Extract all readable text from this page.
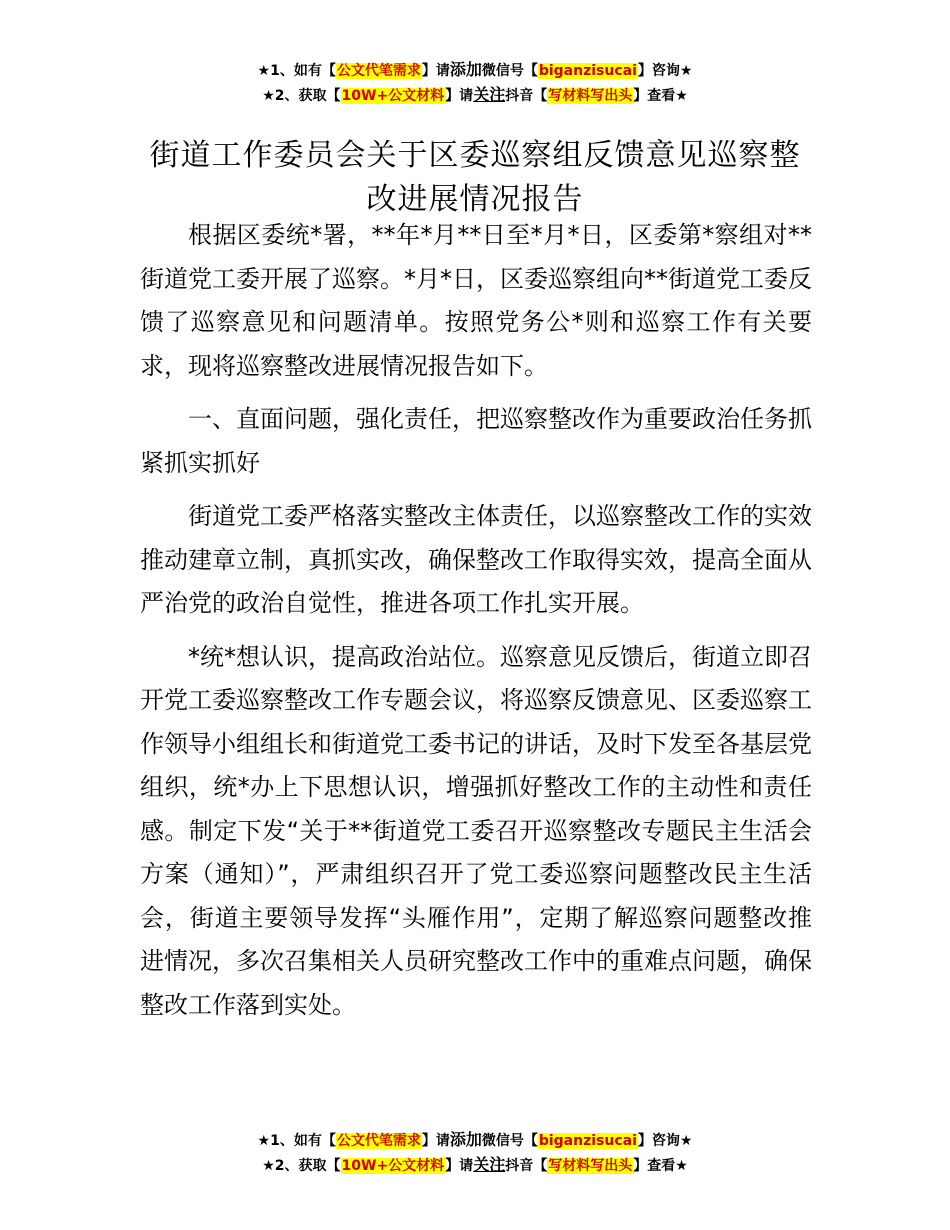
★1、如有【公文代笔需求】请添加微信号【biganzisucai】咨询★
★2、获取【10W+公文材料】请关注抖音【写材料写出头】查看★
街道工作委员会关于区委巡察组反馈意见巡察整改进展情况报告

根据区委统*署，**年*月**日至*月*日，区委第*察组对**街道党工委开展了巡察。*月*日，区委巡察组向**街道党工委反馈了巡察意见和问题清单。按照党务公*则和巡察工作有关要求，现将巡察整改进展情况报告如下。

一、直面问题，强化责任，把巡察整改作为重要政治任务抓紧抓实抓好

街道党工委严格落实整改主体责任，以巡察整改工作的实效推动建章立制，真抓实改，确保整改工作取得实效，提高全面从严治党的政治自觉性，推进各项工作扎实开展。

*统*想认识，提高政治站位。巡察意见反馈后，街道立即召开党工委巡察整改工作专题会议，将巡察反馈意见、区委巡察工作领导小组组长和街道党工委书记的讲话，及时下发至各基层党组织，统*办上下思想认识，增强抓好整改工作的主动性和责任感。制定下发“关于**街道党工委召开巡察整改专题民主生活会方案（通知）”，严肃组织召开了党工委巡察问题整改民主生活会，街道主要领导发挥“头雁作用”，定期了解巡察问题整改推进情况，多次召集相关人员研究整改工作中的重难点问题，确保整改工作落到实处。

★1、如有【公文代笔需求】请添加微信号【biganzisucai】咨询★
★2、获取【10W+公文材料】请关注抖音【写材料写出头】查看★
